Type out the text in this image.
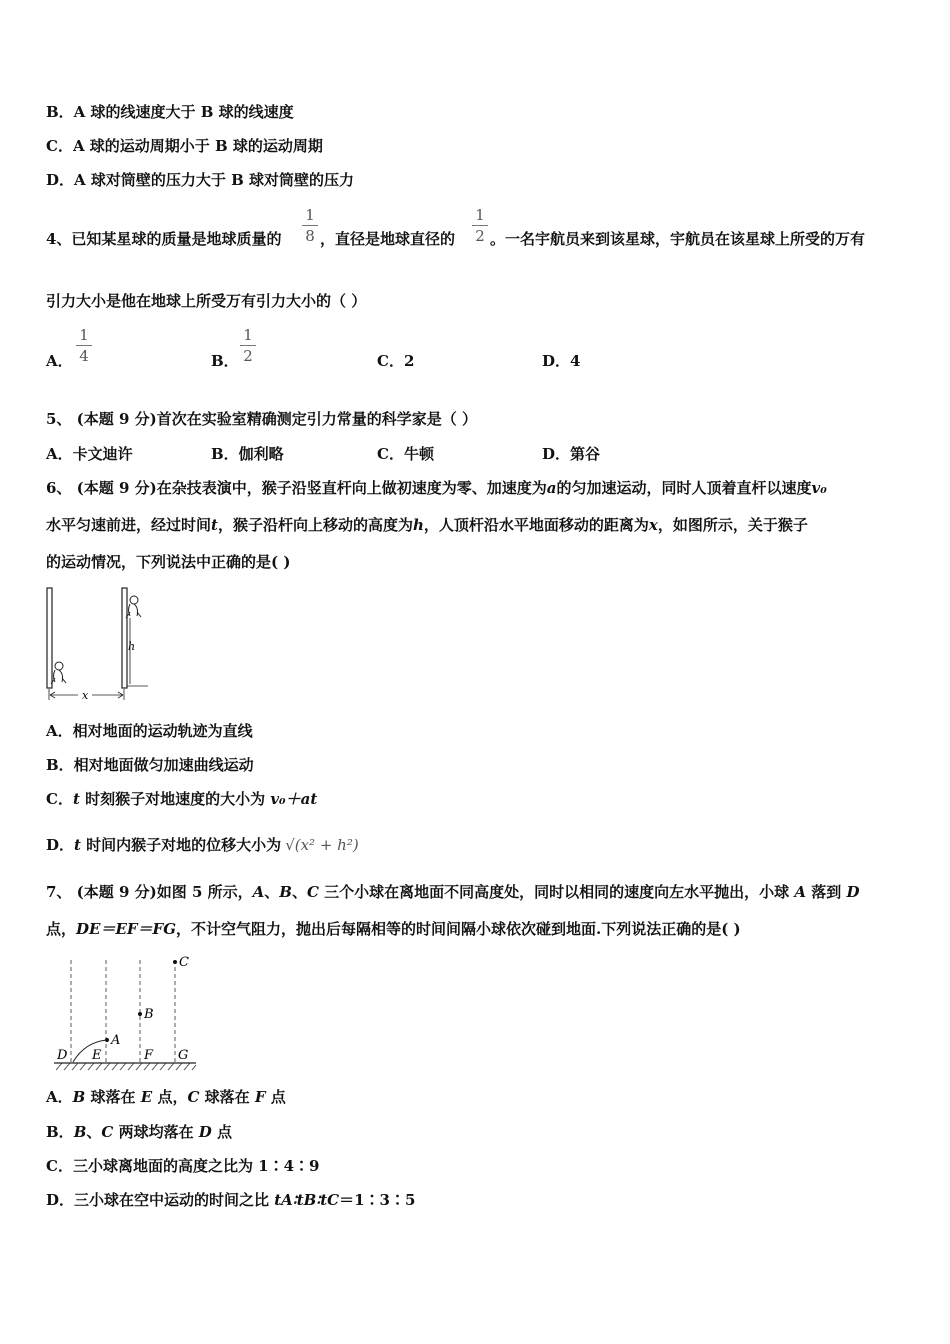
B．A 球的线速度大于 B 球的线速度
C．A 球的运动周期小于 B 球的运动周期
D．A 球对筒壁的压力大于 B 球对筒壁的压力
4、已知某星球的质量是地球质量的
1
8 ，直径是地球直径的
1
2 。一名宇航员来到该星球，宇航员在该星球上所受的万有
引力大小是他在地球上所受万有引力大小的（ ）
A．
1
4	B．
1
2	C．2	D．4
5、 (本题 9 分)首次在实验室精确测定引力常量的科学家是（ ）
A．卡文迪许	B．伽利略	C．牛顿	D．第谷
6、 (本题 9 分)在杂技表演中，猴子沿竖直杆向上做初速度为零、加速度为a的匀加速运动，同时人顶着直杆以速度v₀
水平匀速前进，经过时间t，猴子沿杆向上移动的高度为h，人顶杆沿水平地面移动的距离为x，如图所示，关于猴子
的运动情况，下列说法中正确的是( )
h
x
A．相对地面的运动轨迹为直线
B．相对地面做匀加速曲线运动
C．t 时刻猴子对地速度的大小为 v₀＋at
D．t 时间内猴子对地的位移大小为 √(x² + h²)
7、 (本题 9 分)如图 5 所示，A、B、C 三个小球在离地面不同高度处，同时以相同的速度向左水平抛出，小球 A 落到 D
点，DE＝EF＝FG，不计空气阻力，抛出后每隔相等的时间间隔小球依次碰到地面.下列说法正确的是( )
C
B
A
D E	F G
A．B 球落在 E 点，C 球落在 F 点
B．B、C 两球均落在 D 点
C．三小球离地面的高度之比为 1∶4∶9
D．三小球在空中运动的时间之比 tA∶tB∶tC＝1∶3∶5
